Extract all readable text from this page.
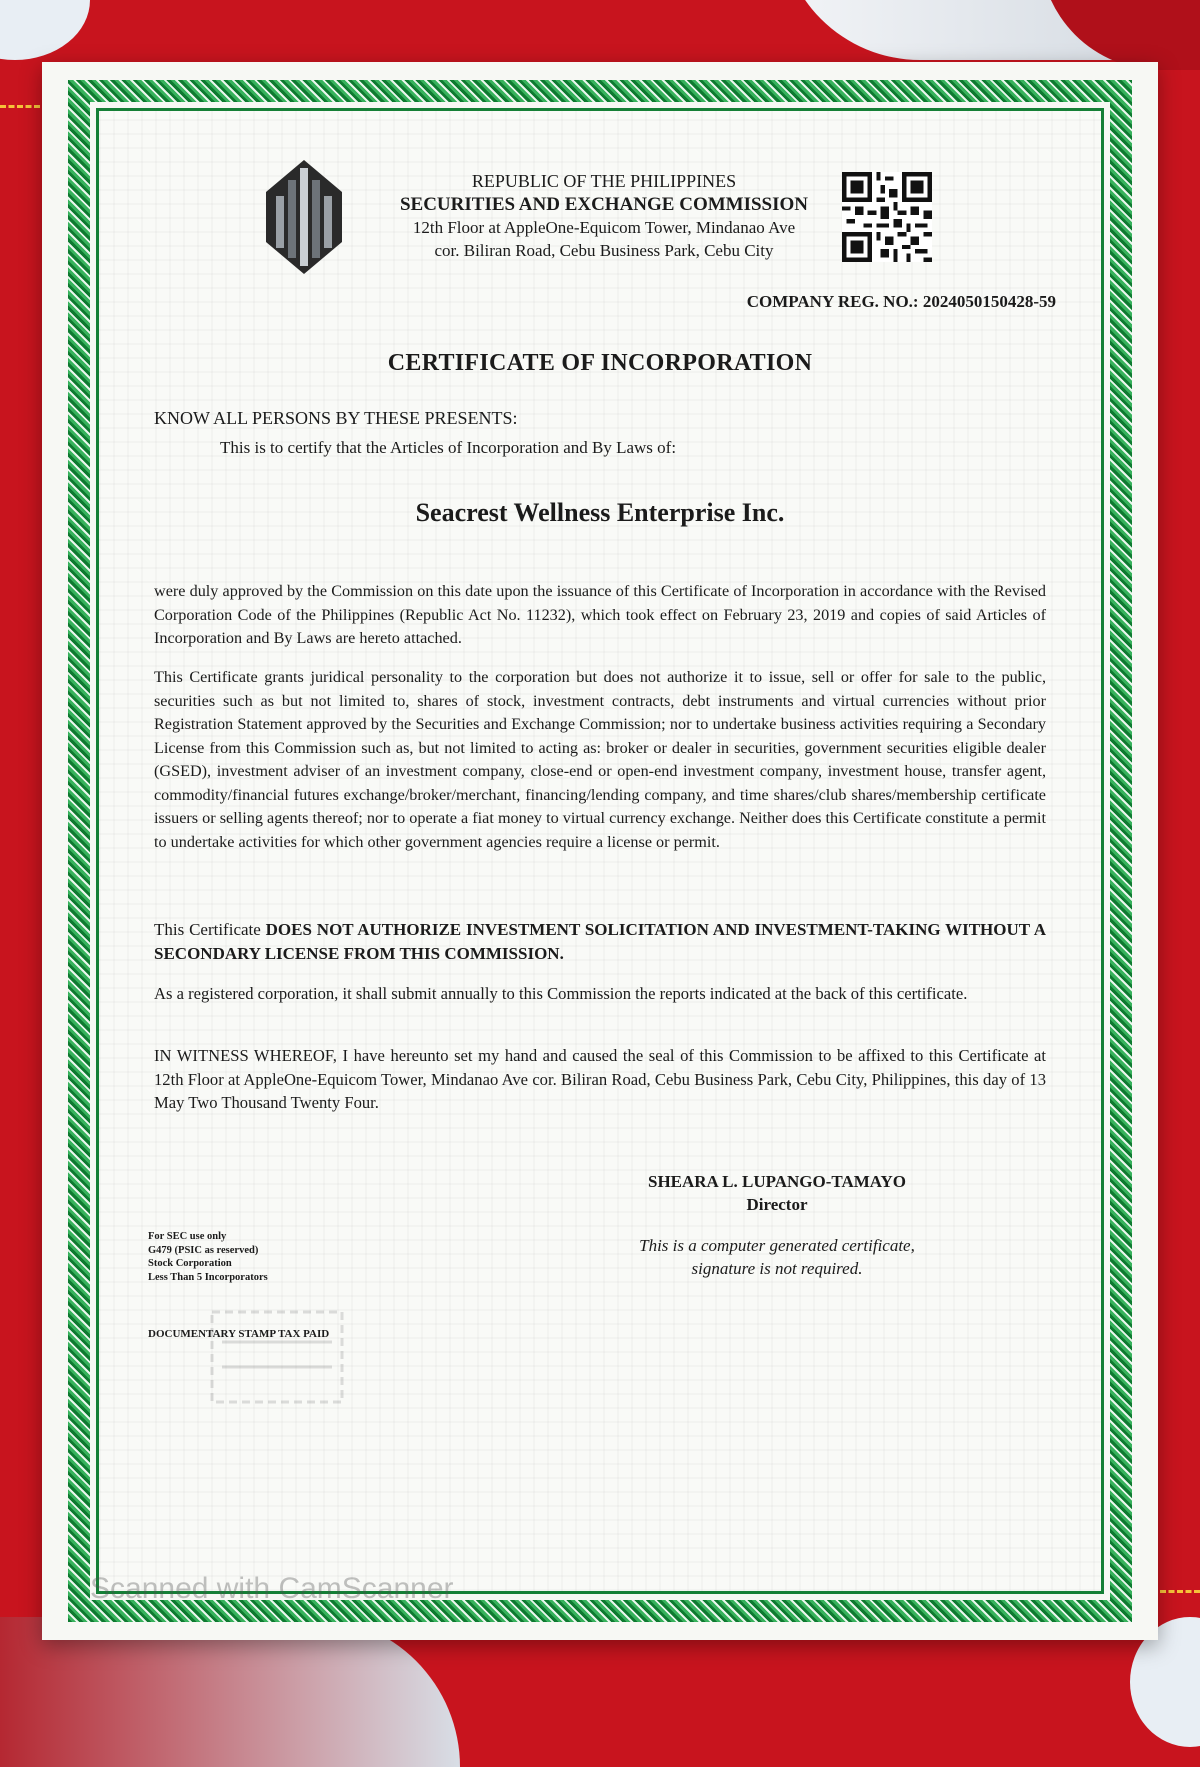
REPUBLIC OF THE PHILIPPINES
SECURITIES AND EXCHANGE COMMISSION
12th Floor at AppleOne-Equicom Tower, Mindanao Ave
cor. Biliran Road, Cebu Business Park, Cebu City
COMPANY REG. NO.: 2024050150428-59
CERTIFICATE OF INCORPORATION
KNOW ALL PERSONS BY THESE PRESENTS:
This is to certify that the Articles of Incorporation and By Laws of:
Seacrest Wellness Enterprise Inc.
were duly approved by the Commission on this date upon the issuance of this Certificate of Incorporation in accordance with the Revised Corporation Code of the Philippines (Republic Act No. 11232), which took effect on February 23, 2019 and copies of said Articles of Incorporation and By Laws are hereto attached.
This Certificate grants juridical personality to the corporation but does not authorize it to issue, sell or offer for sale to the public, securities such as but not limited to, shares of stock, investment contracts, debt instruments and virtual currencies without prior Registration Statement approved by the Securities and Exchange Commission; nor to undertake business activities requiring a Secondary License from this Commission such as, but not limited to acting as: broker or dealer in securities, government securities eligible dealer (GSED), investment adviser of an investment company, close-end or open-end investment company, investment house, transfer agent, commodity/financial futures exchange/broker/merchant, financing/lending company, and time shares/club shares/membership certificate issuers or selling agents thereof; nor to operate a fiat money to virtual currency exchange. Neither does this Certificate constitute a permit to undertake activities for which other government agencies require a license or permit.
This Certificate DOES NOT AUTHORIZE INVESTMENT SOLICITATION AND INVESTMENT-TAKING WITHOUT A SECONDARY LICENSE FROM THIS COMMISSION.
As a registered corporation, it shall submit annually to this Commission the reports indicated at the back of this certificate.
IN WITNESS WHEREOF, I have hereunto set my hand and caused the seal of this Commission to be affixed to this Certificate at 12th Floor at AppleOne-Equicom Tower, Mindanao Ave cor. Biliran Road, Cebu Business Park, Cebu City, Philippines, this day of 13 May Two Thousand Twenty Four.
SHEARA L. LUPANGO-TAMAYO
Director
This is a computer generated certificate,
signature is not required.
For SEC use only
G479 (PSIC as reserved)
Stock Corporation
Less Than 5 Incorporators
DOCUMENTARY STAMP TAX PAID
Scanned with CamScanner
